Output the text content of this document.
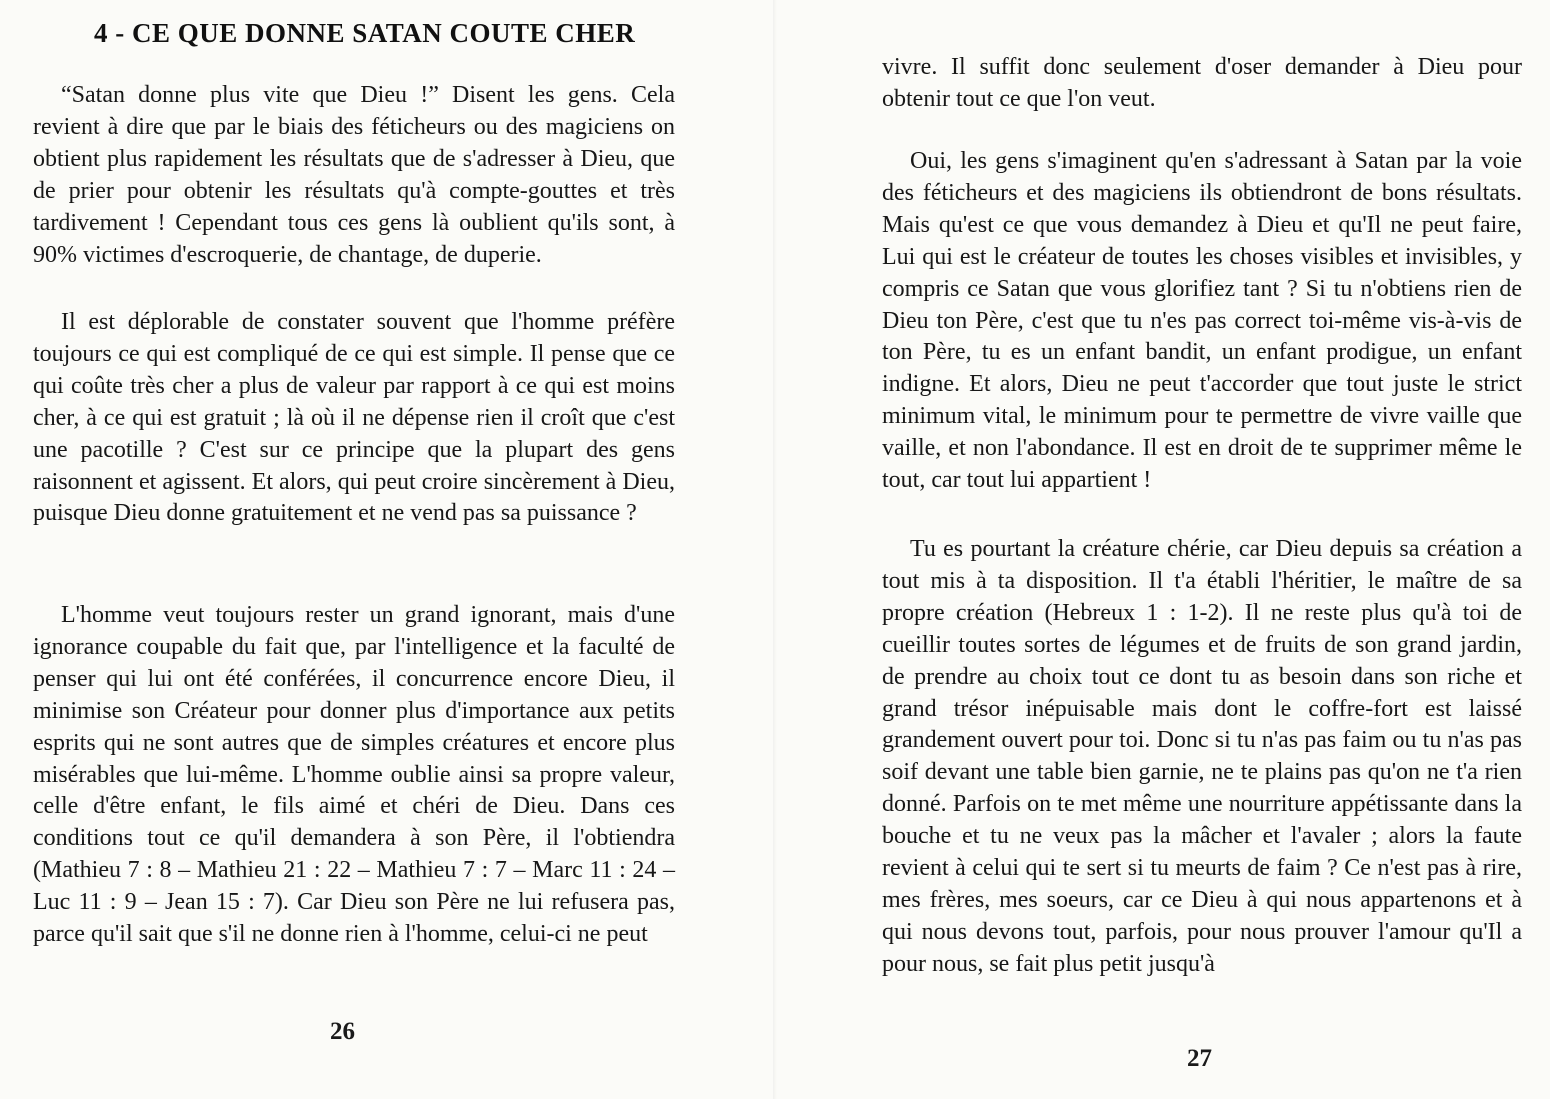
4 - CE QUE DONNE SATAN COUTE CHER

“Satan donne plus vite que Dieu !” Disent les gens. Cela revient à dire que par le biais des féticheurs ou des magiciens on obtient plus rapidement les résultats que de s'adresser à Dieu, que de prier pour obtenir les résultats qu'à compte-gouttes et très tardivement ! Cependant tous ces gens là oublient qu'ils sont, à 90% victimes d'escroquerie, de chantage, de duperie.

Il est déplorable de constater souvent que l'homme préfère toujours ce qui est compliqué de ce qui est simple. Il pense que ce qui coûte très cher a plus de valeur par rapport à ce qui est moins cher, à ce qui est gratuit ; là où il ne dépense rien il croît que c'est une pacotille ? C'est sur ce principe que la plupart des gens raisonnent et agissent. Et alors, qui peut croire sincèrement à Dieu, puisque Dieu donne gratuitement et ne vend pas sa puissance ?

L'homme veut toujours rester un grand ignorant, mais d'une ignorance coupable du fait que, par l'intelligence et la faculté de penser qui lui ont été conférées, il concurrence encore Dieu, il minimise son Créateur pour donner plus d'importance aux petits esprits qui ne sont autres que de simples créatures et encore plus misérables que lui-même. L'homme oublie ainsi sa propre valeur, celle d'être enfant, le fils aimé et chéri de Dieu. Dans ces conditions tout ce qu'il demandera à son Père, il l'obtiendra (Mathieu 7 : 8 – Mathieu 21 : 22 – Mathieu 7 : 7 – Marc 11 : 24 – Luc 11 : 9 – Jean 15 : 7). Car Dieu son Père ne lui refusera pas, parce qu'il sait que s'il ne donne rien à l'homme, celui-ci ne peut

26

vivre. Il suffit donc seulement d'oser demander à Dieu pour obtenir tout ce que l'on veut.

Oui, les gens s'imaginent qu'en s'adressant à Satan par la voie des féticheurs et des magiciens ils obtiendront de bons résultats. Mais qu'est ce que vous demandez à Dieu et qu'Il ne peut faire, Lui qui est le créateur de toutes les choses visibles et invisibles, y compris ce Satan que vous glorifiez tant ? Si tu n'obtiens rien de Dieu ton Père, c'est que tu n'es pas correct toi-même vis-à-vis de ton Père, tu es un enfant bandit, un enfant prodigue, un enfant indigne. Et alors, Dieu ne peut t'accorder que tout juste le strict minimum vital, le minimum pour te permettre de vivre vaille que vaille, et non l'abondance. Il est en droit de te supprimer même le tout, car tout lui appartient !

Tu es pourtant la créature chérie, car Dieu depuis sa création a tout mis à ta disposition. Il t'a établi l'héritier, le maître de sa propre création (Hebreux 1 : 1-2). Il ne reste plus qu'à toi de cueillir toutes sortes de légumes et de fruits de son grand jardin, de prendre au choix tout ce dont tu as besoin dans son riche et grand trésor inépuisable mais dont le coffre-fort est laissé grandement ouvert pour toi. Donc si tu n'as pas faim ou tu n'as pas soif devant une table bien garnie, ne te plains pas qu'on ne t'a rien donné. Parfois on te met même une nourriture appétissante dans la bouche et tu ne veux pas la mâcher et l'avaler ; alors la faute revient à celui qui te sert si tu meurts de faim ? Ce n'est pas à rire, mes frères, mes soeurs, car ce Dieu à qui nous appartenons et à qui nous devons tout, parfois, pour nous prouver l'amour qu'Il a pour nous, se fait plus petit jusqu'à

27
